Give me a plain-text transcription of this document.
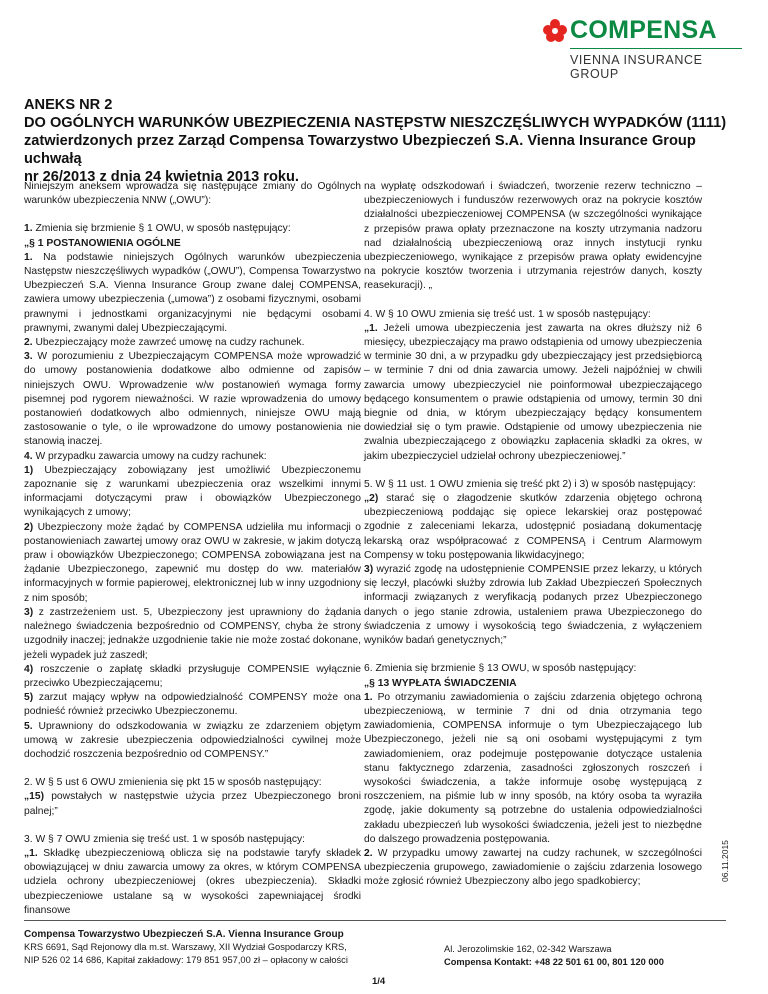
COMPENSA
VIENNA INSURANCE GROUP
ANEKS NR 2
DO OGÓLNYCH WARUNKÓW UBEZPIECZENIA NASTĘPSTW NIESZCZĘŚLIWYCH WYPADKÓW (1111)
zatwierdzonych przez Zarząd Compensa Towarzystwo Ubezpieczeń S.A. Vienna Insurance Group uchwałą
nr 26/2013 z dnia 24 kwietnia 2013 roku.

Niniejszym aneksem wprowadza się następujące zmiany do Ogólnych warunków ubezpieczenia NNW („OWU”):

1. Zmienia się brzmienie § 1 OWU, w sposób następujący:

„§ 1 POSTANOWIENIA OGÓLNE

1. Na podstawie niniejszych Ogólnych warunków ubezpieczenia Następstw nieszczęśliwych wypadków („OWU”), Compensa Towarzystwo Ubezpieczeń S.A. Vienna Insurance Group zwane dalej COMPENSA, zawiera umowy ubezpieczenia („umowa”) z osobami fizycznymi, osobami prawnymi i jednostkami organizacyjnymi nie będącymi osobami prawnymi, zwanymi dalej Ubezpieczającymi.

2. Ubezpieczający może zawrzeć umowę na cudzy rachunek.

3. W porozumieniu z Ubezpieczającym COMPENSA może wprowadzić do umowy postanowienia dodatkowe albo odmienne od zapisów niniejszych OWU. Wprowadzenie w/w postanowień wymaga formy pisemnej pod rygorem nieważności. W razie wprowadzenia do umowy postanowień dodatkowych albo odmiennych, niniejsze OWU mają zastosowanie o tyle, o ile wprowadzone do umowy postanowienia nie stanowią inaczej.

4. W przypadku zawarcia umowy na cudzy rachunek:

1) Ubezpieczający zobowiązany jest umożliwić Ubezpieczonemu zapoznanie się z warunkami ubezpieczenia oraz wszelkimi innymi informacjami dotyczącymi praw i obowiązków Ubezpieczonego wynikających z umowy;

2) Ubezpieczony może żądać by COMPENSA udzieliła mu informacji o postanowieniach zawartej umowy oraz OWU w zakresie, w jakim dotyczą praw i obowiązków Ubezpieczonego; COMPENSA zobowiązana jest na żądanie Ubezpieczonego, zapewnić mu dostęp do ww. materiałów informacyjnych w formie papierowej, elektronicznej lub w inny uzgodniony z nim sposób;

3) z zastrzeżeniem ust. 5, Ubezpieczony jest uprawniony do żądania należnego świadczenia bezpośrednio od COMPENSY, chyba że strony uzgodniły inaczej; jednakże uzgodnienie takie nie może zostać dokonane, jeżeli wypadek już zaszedł;

4) roszczenie o zapłatę składki przysługuje COMPENSIE wyłącznie przeciwko Ubezpieczającemu;

5) zarzut mający wpływ na odpowiedzialność COMPENSY może ona podnieść również przeciwko Ubezpieczonemu.

5. Uprawniony do odszkodowania w związku ze zdarzeniem objętym umową w zakresie ubezpieczenia odpowiedzialności cywilnej może dochodzić roszczenia bezpośrednio od COMPENSY.”

2. W § 5 ust 6 OWU zmienienia się pkt 15 w sposób następujący:

„15) powstałych w następstwie użycia przez Ubezpieczonego broni palnej;”

3. W § 7 OWU zmienia się treść ust. 1 w sposób następujący:

„1. Składkę ubezpieczeniową oblicza się na podstawie taryfy składek obowiązującej w dniu zawarcia umowy za okres, w którym COMPENSA udziela ochrony ubezpieczeniowej (okres ubezpieczenia). Składki ubezpieczeniowe ustalane są w wysokości zapewniającej środki finansowe

na wypłatę odszkodowań i świadczeń, tworzenie rezerw techniczno – ubezpieczeniowych i funduszów rezerwowych oraz na pokrycie kosztów działalności ubezpieczeniowej COMPENSA (w szczególności wynikające z przepisów prawa opłaty przeznaczone na koszty utrzymania nadzoru nad działalnością ubezpieczeniową oraz innych instytucji rynku ubezpieczeniowego, wynikające z przepisów prawa opłaty ewidencyjne na pokrycie kosztów tworzenia i utrzymania rejestrów danych, koszty reasekuracji). „

4. W § 10 OWU zmienia się treść ust. 1 w sposób następujący:

„1. Jeżeli umowa ubezpieczenia jest zawarta na okres dłuższy niż 6 miesięcy, ubezpieczający ma prawo odstąpienia od umowy ubezpieczenia w terminie 30 dni, a w przypadku gdy ubezpieczający jest przedsiębiorcą – w terminie 7 dni od dnia zawarcia umowy. Jeżeli najpóźniej w chwili zawarcia umowy ubezpieczyciel nie poinformował ubezpieczającego będącego konsumentem o prawie odstąpienia od umowy, termin 30 dni biegnie od dnia, w którym ubezpieczający będący konsumentem dowiedział się o tym prawie. Odstąpienie od umowy ubezpieczenia nie zwalnia ubezpieczającego z obowiązku zapłacenia składki za okres, w jakim ubezpieczyciel udzielał ochrony ubezpieczeniowej.”

5. W § 11 ust. 1 OWU zmienia się treść pkt 2) i 3) w sposób następujący:

„2) starać się o złagodzenie skutków zdarzenia objętego ochroną ubezpieczeniową poddając się opiece lekarskiej oraz postępować zgodnie z zaleceniami lekarza, udostępnić posiadaną dokumentację lekarską oraz współpracować z COMPENSĄ i Centrum Alarmowym Compensy w toku postępowania likwidacyjnego;

3) wyrazić zgodę na udostępnienie COMPENSIE przez lekarzy, u których się leczył, placówki służby zdrowia lub Zakład Ubezpieczeń Społecznych informacji związanych z weryfikacją podanych przez Ubezpieczonego danych o jego stanie zdrowia, ustaleniem prawa Ubezpieczonego do świadczenia z umowy i wysokością tego świadczenia, z wyłączeniem wyników badań genetycznych;”

6. Zmienia się brzmienie § 13 OWU, w sposób następujący:

„§ 13 WYPŁATA ŚWIADCZENIA

1. Po otrzymaniu zawiadomienia o zajściu zdarzenia objętego ochroną ubezpieczeniową, w terminie 7 dni od dnia otrzymania tego zawiadomienia, COMPENSA informuje o tym Ubezpieczającego lub Ubezpieczonego, jeżeli nie są oni osobami występującymi z tym zawiadomieniem, oraz podejmuje postępowanie dotyczące ustalenia stanu faktycznego zdarzenia, zasadności zgłoszonych roszczeń i wysokości świadczenia, a także informuje osobę występującą z roszczeniem, na piśmie lub w inny sposób, na który osoba ta wyraziła zgodę, jakie dokumenty są potrzebne do ustalenia odpowiedzialności zakładu ubezpieczeń lub wysokości świadczenia, jeżeli jest to niezbędne do dalszego prowadzenia postępowania.

2. W przypadku umowy zawartej na cudzy rachunek, w szczególności ubezpieczenia grupowego, zawiadomienie o zajściu zdarzenia losowego może zgłosić również Ubezpieczony albo jego spadkobiercy;	06.11.2015
Compensa Towarzystwo Ubezpieczeń S.A. Vienna Insurance Group
KRS 6691, Sąd Rejonowy dla m.st. Warszawy, XII Wydział Gospodarczy KRS,
NIP 526 02 14 686, Kapitał zakładowy: 179 851 957,00 zł – opłacony w całości
Al. Jerozolimskie 162, 02-342 Warszawa
Compensa Kontakt: +48 22 501 61 00, 801 120 000
1/4
